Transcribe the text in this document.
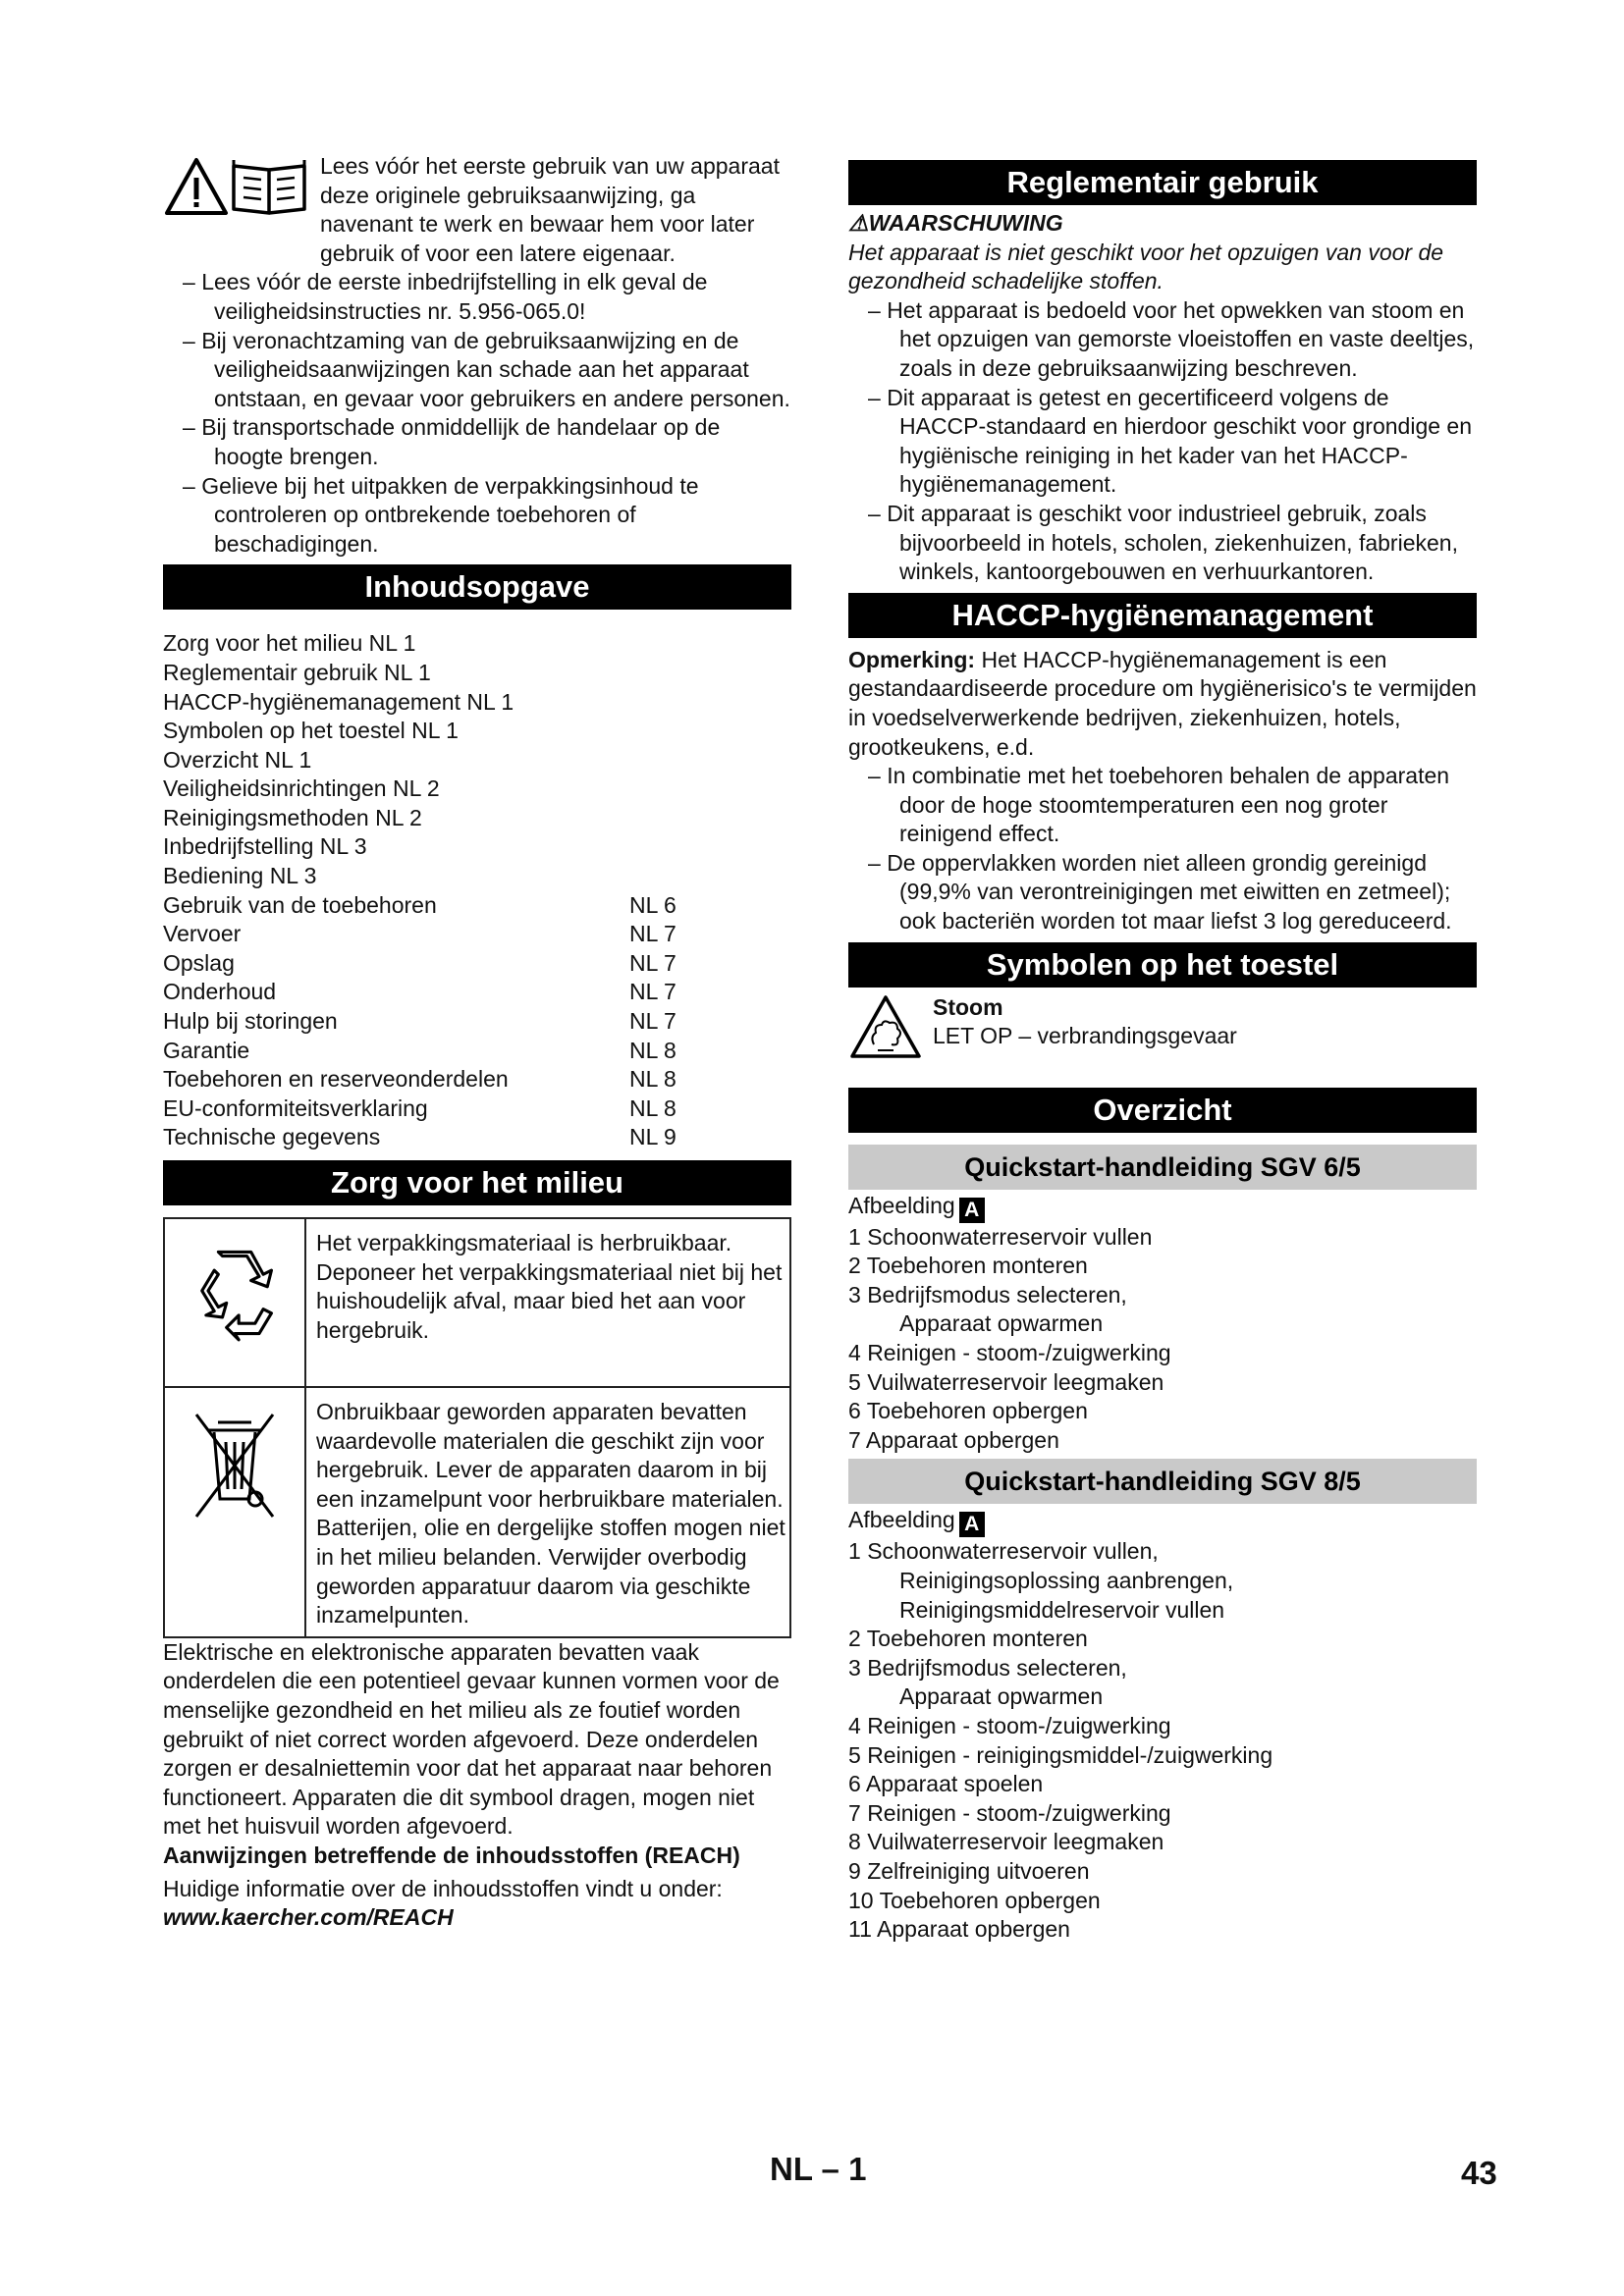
Lees vóór het eerste gebruik van uw apparaat deze originele gebruiksaanwijzing, ga navenant te werk en bewaar hem voor later gebruik of voor een latere eigenaar.

– Lees vóór de eerste inbedrijfstelling in elk geval de veiligheidsinstructies nr. 5.956-065.0!

– Bij veronachtzaming van de gebruiksaanwijzing en de veiligheidsaanwijzingen kan schade aan het apparaat ontstaan, en gevaar voor gebruikers en andere personen.

– Bij transportschade onmiddellijk de handelaar op de hoogte brengen.

– Gelieve bij het uitpakken de verpakkingsinhoud te controleren op ontbrekende toebehoren of beschadigingen.

Inhoudsopgave
Zorg voor het milieu NL 1
Reglementair gebruik NL 1
HACCP-hygiënemanagement NL 1
Symbolen op het toestel NL 1
Overzicht NL 1
Veiligheidsinrichtingen NL 2
Reinigingsmethoden NL 2
Inbedrijfstelling NL 3
Bediening NL 3
Gebruik van de toebehoren	NL 6
Vervoer	NL 7
Opslag	NL 7
Onderhoud	NL 7
Hulp bij storingen	NL 7
Garantie	NL 8
Toebehoren en reserveonderdelen	NL 8
EU-conformiteitsverklaring	NL 8
Technische gegevens	NL 9
Zorg voor het milieu
	Het verpakkingsmateriaal is herbruikbaar. Deponeer het verpakkingsmateriaal niet bij het huishoudelijk afval, maar bied het aan voor hergebruik.
	Onbruikbaar geworden apparaten bevatten waardevolle materialen die geschikt zijn voor hergebruik. Lever de apparaten daarom in bij een inzamelpunt voor herbruikbare materialen. Batterijen, olie en dergelijke stoffen mogen niet in het milieu belanden. Verwijder overbodig geworden apparatuur daarom via geschikte inzamelpunten.

Elektrische en elektronische apparaten bevatten vaak onderdelen die een potentieel gevaar kunnen vormen voor de menselijke gezondheid en het milieu als ze foutief worden gebruikt of niet correct worden afgevoerd. Deze onderdelen zorgen er desalniettemin voor dat het apparaat naar behoren functioneert. Apparaten die dit symbool dragen, mogen niet met het huisvuil worden afgevoerd.

Aanwijzingen betreffende de inhoudsstoffen (REACH)

Huidige informatie over de inhoudsstoffen vindt u onder:

www.kaercher.com/REACH

Reglementair gebruik

⚠WAARSCHUWING

Het apparaat is niet geschikt voor het opzuigen van voor de gezondheid schadelijke stoffen.

– Het apparaat is bedoeld voor het opwekken van stoom en het opzuigen van gemorste vloeistoffen en vaste deeltjes, zoals in deze gebruiksaanwijzing beschreven.

– Dit apparaat is getest en gecertificeerd volgens de HACCP-standaard en hierdoor geschikt voor grondige en hygiënische reiniging in het kader van het HACCP-hygiënemanagement.

– Dit apparaat is geschikt voor industrieel gebruik, zoals bijvoorbeeld in hotels, scholen, ziekenhuizen, fabrieken, winkels, kantoorgebouwen en verhuurkantoren.

HACCP-hygiënemanagement

Opmerking: Het HACCP-hygiënemanagement is een gestandaardiseerde procedure om hygiënerisico's te vermijden in voedselverwerkende bedrijven, ziekenhuizen, hotels, grootkeukens, e.d.

– In combinatie met het toebehoren behalen de apparaten door de hoge stoomtemperaturen een nog groter reinigend effect.

– De oppervlakken worden niet alleen grondig gereinigd (99,9% van verontreinigingen met eiwitten en zetmeel); ook bacteriën worden tot maar liefst 3 log gereduceerd.

Symbolen op het toestel

Stoom

LET OP – verbrandingsgevaar

Overzicht
Quickstart-handleiding SGV 6/5

Afbeelding A

1 Schoonwaterreservoir vullen

2 Toebehoren monteren

3 Bedrijfsmodus selecteren,

Apparaat opwarmen

4 Reinigen - stoom-/zuigwerking

5 Vuilwaterreservoir leegmaken

6 Toebehoren opbergen

7 Apparaat opbergen

Quickstart-handleiding SGV 8/5

Afbeelding A

1 Schoonwaterreservoir vullen,

Reinigingsoplossing aanbrengen,

Reinigingsmiddelreservoir vullen

2 Toebehoren monteren

3 Bedrijfsmodus selecteren,

Apparaat opwarmen

4 Reinigen - stoom-/zuigwerking

5 Reinigen - reinigingsmiddel-/zuigwerking

6 Apparaat spoelen

7 Reinigen - stoom-/zuigwerking

8 Vuilwaterreservoir leegmaken

9 Zelfreiniging uitvoeren

10 Toebehoren opbergen

11 Apparaat opbergen

NL – 1	43
